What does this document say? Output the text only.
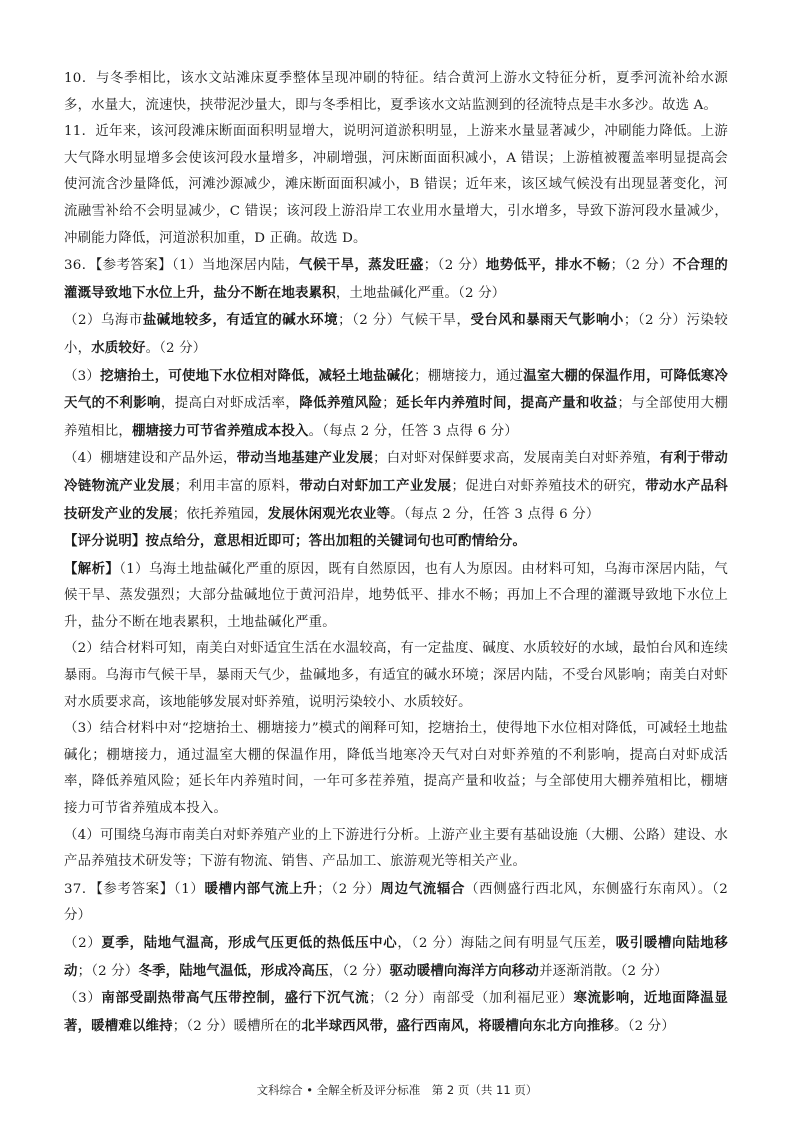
10．与冬季相比，该水文站滩床夏季整体呈现冲刷的特征。结合黄河上游水文特征分析，夏季河流补给水源多，水量大，流速快，挟带泥沙量大，即与冬季相比，夏季该水文站监测到的径流特点是丰水多沙。故选 A。

11．近年来，该河段滩床断面面积明显增大，说明河道淤积明显，上游来水量显著减少，冲刷能力降低。上游大气降水明显增多会使该河段水量增多，冲刷增强，河床断面面积减小，A 错误；上游植被覆盖率明显提高会使河流含沙量降低，河滩沙源减少，滩床断面面积减小，B 错误；近年来，该区域气候没有出现显著变化，河流融雪补给不会明显减少，C 错误；该河段上游沿岸工农业用水量增大，引水增多，导致下游河段水量减少，冲刷能力降低，河道淤积加重，D 正确。故选 D。

36．【参考答案】（1）当地深居内陆，气候干旱，蒸发旺盛；（2 分）地势低平，排水不畅；（2 分）不合理的灌溉导致地下水位上升，盐分不断在地表累积，土地盐碱化严重。（2 分）

（2）乌海市盐碱地较多，有适宜的碱水环境；（2 分）气候干旱，受台风和暴雨天气影响小；（2 分）污染较小，水质较好。（2 分）

（3）挖塘抬土，可使地下水位相对降低，减轻土地盐碱化；棚塘接力，通过温室大棚的保温作用，可降低寒冷天气的不利影响，提高白对虾成活率，降低养殖风险；延长年内养殖时间，提高产量和收益；与全部使用大棚养殖相比，棚塘接力可节省养殖成本投入。（每点 2 分，任答 3 点得 6 分）

（4）棚塘建设和产品外运，带动当地基建产业发展；白对虾对保鲜要求高，发展南美白对虾养殖，有利于带动冷链物流产业发展；利用丰富的原料，带动白对虾加工产业发展；促进白对虾养殖技术的研究，带动水产品科技研发产业的发展；依托养殖园，发展休闲观光农业等。（每点 2 分，任答 3 点得 6 分）

【评分说明】按点给分，意思相近即可；答出加粗的关键词句也可酌情给分。

【解析】（1）乌海土地盐碱化严重的原因，既有自然原因，也有人为原因。由材料可知，乌海市深居内陆，气候干旱、蒸发强烈；大部分盐碱地位于黄河沿岸，地势低平、排水不畅；再加上不合理的灌溉导致地下水位上升，盐分不断在地表累积，土地盐碱化严重。

（2）结合材料可知，南美白对虾适宜生活在水温较高，有一定盐度、碱度、水质较好的水域，最怕台风和连续暴雨。乌海市气候干旱，暴雨天气少，盐碱地多，有适宜的碱水环境；深居内陆，不受台风影响；南美白对虾对水质要求高，该地能够发展对虾养殖，说明污染较小、水质较好。

（3）结合材料中对“挖塘抬土、棚塘接力”模式的阐释可知，挖塘抬土，使得地下水位相对降低，可减轻土地盐碱化；棚塘接力，通过温室大棚的保温作用，降低当地寒冷天气对白对虾养殖的不利影响，提高白对虾成活率，降低养殖风险；延长年内养殖时间，一年可多茬养殖，提高产量和收益；与全部使用大棚养殖相比，棚塘接力可节省养殖成本投入。

（4）可围绕乌海市南美白对虾养殖产业的上下游进行分析。上游产业主要有基础设施（大棚、公路）建设、水产品养殖技术研发等；下游有物流、销售、产品加工、旅游观光等相关产业。

37．【参考答案】（1）暖槽内部气流上升；（2 分）周边气流辐合（西侧盛行西北风，东侧盛行东南风）。（2 分）

（2）夏季，陆地气温高，形成气压更低的热低压中心，（2 分）海陆之间有明显气压差，吸引暖槽向陆地移动；（2 分）冬季，陆地气温低，形成冷高压，（2 分）驱动暖槽向海洋方向移动并逐渐消散。（2 分）

（3）南部受副热带高气压带控制，盛行下沉气流；（2 分）南部受（加利福尼亚）寒流影响，近地面降温显著，暖槽难以维持；（2 分）暖槽所在的北半球西风带，盛行西南风，将暖槽向东北方向推移。（2 分）

文科综合 • 全解全析及评分标准　第 2 页（共 11 页）
